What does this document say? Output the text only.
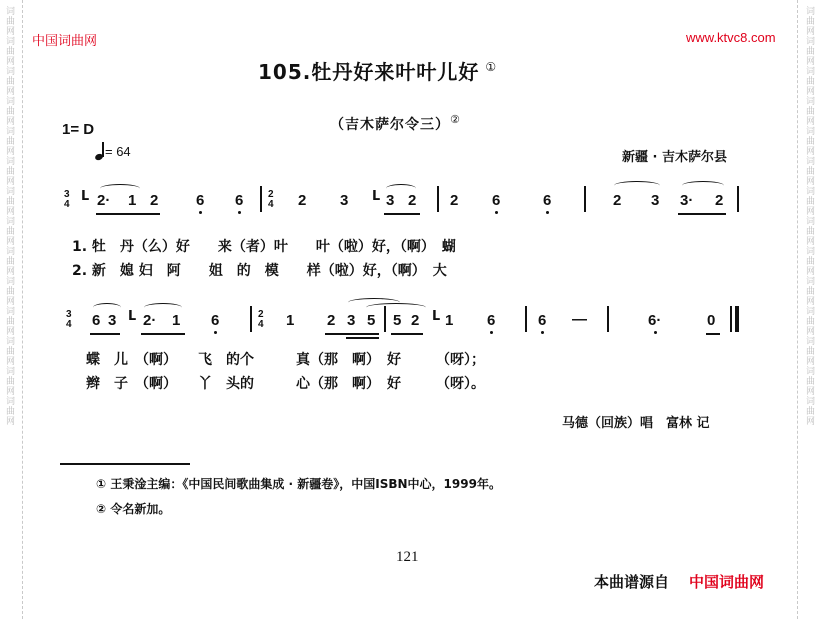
词曲网词曲网词曲网词曲网词曲网词曲网词曲网词曲网词曲网词曲网词曲网词曲网词曲网词曲网	词曲网词曲网词曲网词曲网词曲网词曲网词曲网词曲网词曲网词曲网词曲网词曲网词曲网词曲网
中国词曲网	www.ktvc8.com
105.牡丹好来叶叶儿好 ①
（吉木萨尔令三）②
1= D
= 64	新疆 · 吉木萨尔县
3
4
ᒪ 2· 1 2	6 6 2
4 2 3 ᒪ 3 2 2 6	6	2 3 3· 2
1. 牡　丹（么）好　　来（者）叶　　叶（啦）好，（啊）　蝴
2. 新　媳 妇　阿　　姐　的　模　　样（啦）好，（啊）　大
3
4 6 3 ᒪ 2· 1 6	2
4 1 2 3 5 5 2 ᒪ 1 6	6 —	6·	0
　蝶　儿　（啊）　　飞　的个　　　真（那　啊）　好　　　（呀）；
　辫　子　（啊）　　丫　头的　　　心（那　啊）　好　　　（呀）。
马德（回族）唱　富林 记
① 王秉淦主编：《中国民间歌曲集成 · 新疆卷》，中国ISBN中心，1999年。
② 令名新加。
121
本曲谱源自 中国词曲网
